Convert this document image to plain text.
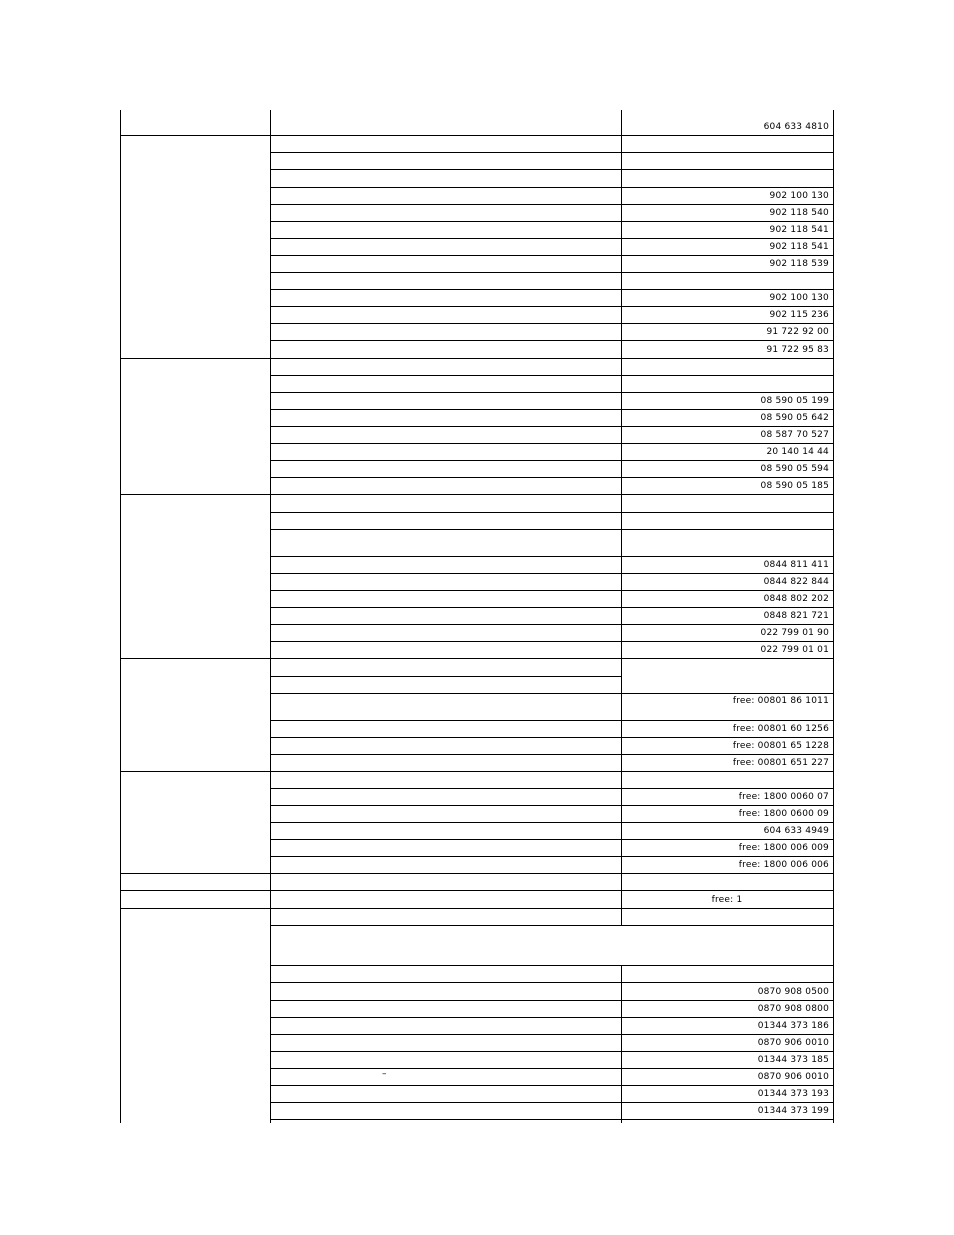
604 633 4810
902 100 130
902 118 540
902 118 541
902 118 541
902 118 539
902 100 130
902 115 236
91 722 92 00
91 722 95 83
08 590 05 199
08 590 05 642
08 587 70 527
20 140 14 44
08 590 05 594
08 590 05 185
0844 811 411
0844 822 844
0848 802 202
0848 821 721
022 799 01 90
022 799 01 01
free: 00801 86 1011
free: 00801 60 1256
free: 00801 65 1228
free: 00801 651 227
free: 1800 0060 07
free: 1800 0600 09
604 633 4949
free: 1800 006 009
free: 1800 006 006
free: 1
0870 908 0500
0870 908 0800
01344 373 186
0870 906 0010
01344 373 185
0870 906 0010
01344 373 193
01344 373 199
–
